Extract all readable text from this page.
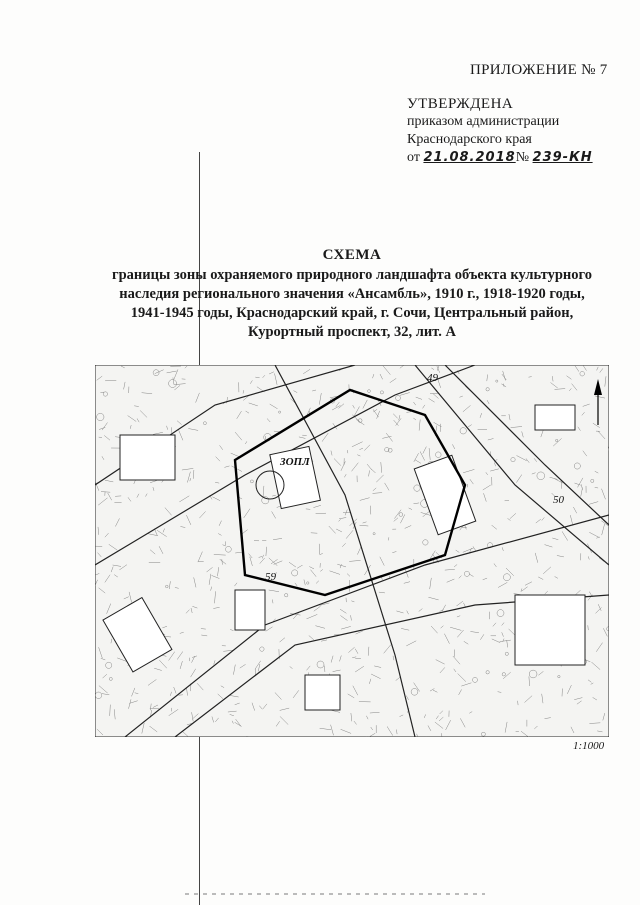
ПРИЛОЖЕНИЕ № 7
УТВЕРЖДЕНА
приказом администрации
Краснодарского края
от 21.08.2018№ 239-КН
СХЕМА
границы зоны охраняемого природного ландшафта объекта культурного
наследия регионального значения «Ансамбль», 1910 г., 1918-1920 годы,
1941-1945 годы, Краснодарский край, г. Сочи, Центральный район,
Курортный проспект, 32, лит. А
ЗОПЛ
49
50
59
1:1000
